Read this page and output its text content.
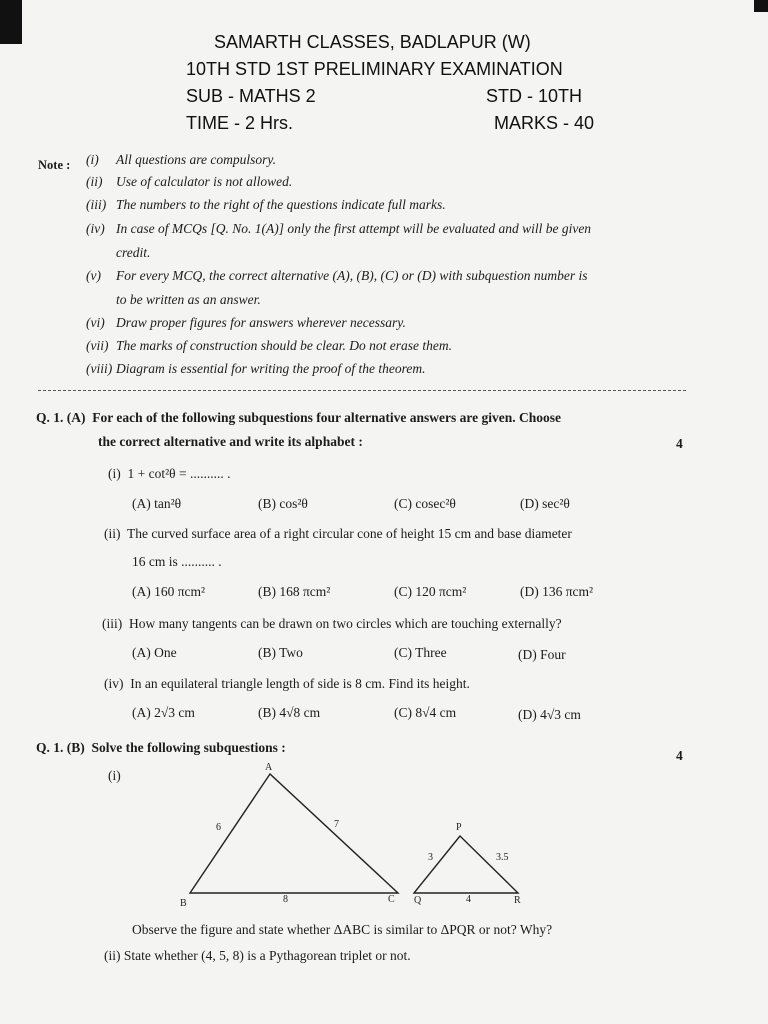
SAMARTH CLASSES, BADLAPUR (W)
10TH STD 1ST PRELIMINARY EXAMINATION
SUB - MATHS 2	STD - 10TH
TIME - 2 Hrs.	MARKS - 40
Note : (i) All questions are compulsory.
(ii) Use of calculator is not allowed.
(iii) The numbers to the right of the questions indicate full marks.
(iv) In case of MCQs [Q. No. 1(A)] only the first attempt will be evaluated and will be given
credit.
(v) For every MCQ, the correct alternative (A), (B), (C) or (D) with subquestion number is
to be written as an answer.
(vi) Draw proper figures for answers wherever necessary.
(vii) The marks of construction should be clear. Do not erase them.
(viii) Diagram is essential for writing the proof of the theorem.
Q. 1. (A) For each of the following subquestions four alternative answers are given. Choose
the correct alternative and write its alphabet :	4
(i) 1 + cot²θ = .......... .
(A) tan²θ	(B) cos²θ	(C) cosec²θ	(D) sec²θ
(ii) The curved surface area of a right circular cone of height 15 cm and base diameter
16 cm is .......... .
(A) 160 πcm²	(B) 168 πcm²	(C) 120 πcm²	(D) 136 πcm²
(iii) How many tangents can be drawn on two circles which are touching externally?
(A) One	(B) Two	(C) Three	(D) Four
(iv) In an equilateral triangle length of side is 8 cm. Find its height.
(A) 2√3 cm	(B) 4√8 cm	(C) 8√4 cm	(D) 4√3 cm
Q. 1. (B) Solve the following subquestions :
4
(i)
A
B	C
6	7
8
P
Q	R
3	3.5
4
Observe the figure and state whether ΔABC is similar to ΔPQR or not? Why?
(ii) State whether (4, 5, 8) is a Pythagorean triplet or not.
